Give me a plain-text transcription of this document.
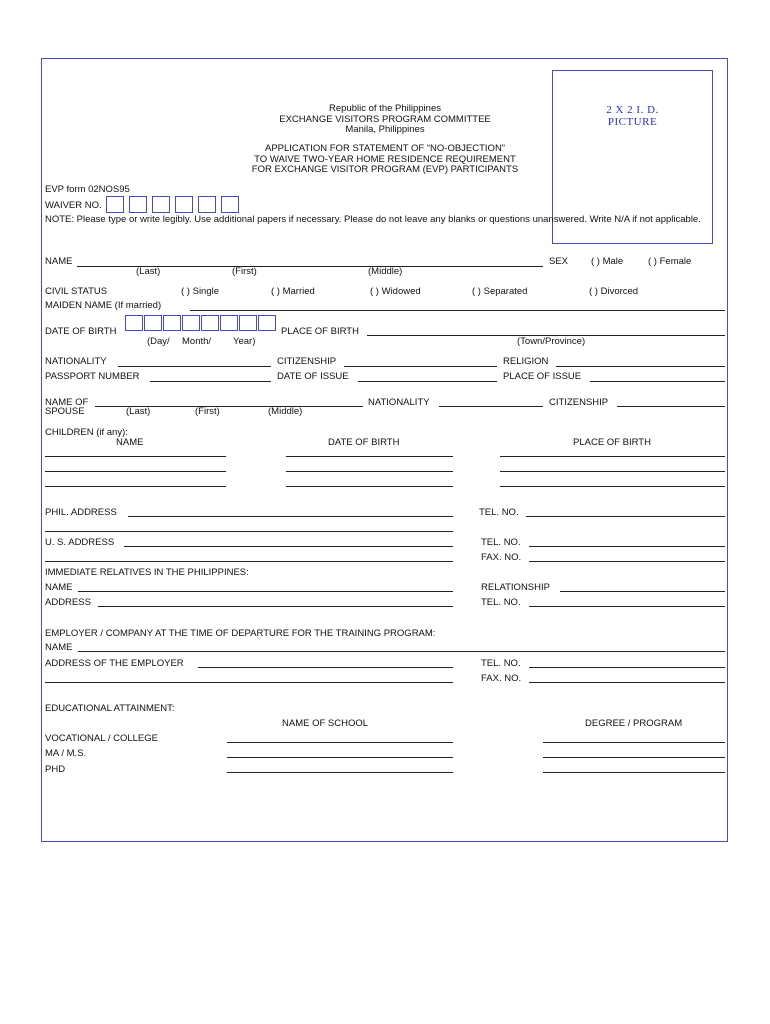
2 X 2 I. D.
PICTURE
Republic of the Philippines
EXCHANGE VISITORS PROGRAM COMMITTEE
Manila, Philippines
APPLICATION FOR STATEMENT OF “NO-OBJECTION”
TO WAIVE TWO-YEAR HOME RESIDENCE REQUIREMENT
FOR EXCHANGE VISITOR PROGRAM (EVP) PARTICIPANTS
EVP form 02NOS95
WAIVER NO.
NOTE: Please type or write legibly. Use additional papers if necessary. Please do not leave any blanks or questions unanswered. Write N/A if not applicable.
NAME
(Last)	(First)	(Middle)
SEX ( ) Male	( ) Female
CIVIL STATUS	( ) Single	( ) Married	( ) Widowed	( ) Separated	( ) Divorced
MAIDEN NAME (If married)
DATE OF BIRTH
(Day/ Month/ Year)
PLACE OF BIRTH
(Town/Province)
NATIONALITY	CITIZENSHIP	RELIGION
PASSPORT NUMBER	DATE OF ISSUE	PLACE OF ISSUE
NAME OF
SPOUSE	(Last)	(First)	(Middle)
NATIONALITY	CITIZENSHIP
CHILDREN (if any):
NAME	DATE OF BIRTH	PLACE OF BIRTH
PHIL. ADDRESS	TEL. NO.
U. S. ADDRESS	TEL. NO.
FAX. NO.
IMMEDIATE RELATIVES IN THE PHILIPPINES:
NAME	RELATIONSHIP
ADDRESS	TEL. NO.
EMPLOYER / COMPANY AT THE TIME OF DEPARTURE FOR THE TRAINING PROGRAM:
NAME
ADDRESS OF THE EMPLOYER	TEL. NO.
FAX. NO.
EDUCATIONAL ATTAINMENT:
NAME OF SCHOOL	DEGREE / PROGRAM
VOCATIONAL / COLLEGE
MA / M.S.
PHD
